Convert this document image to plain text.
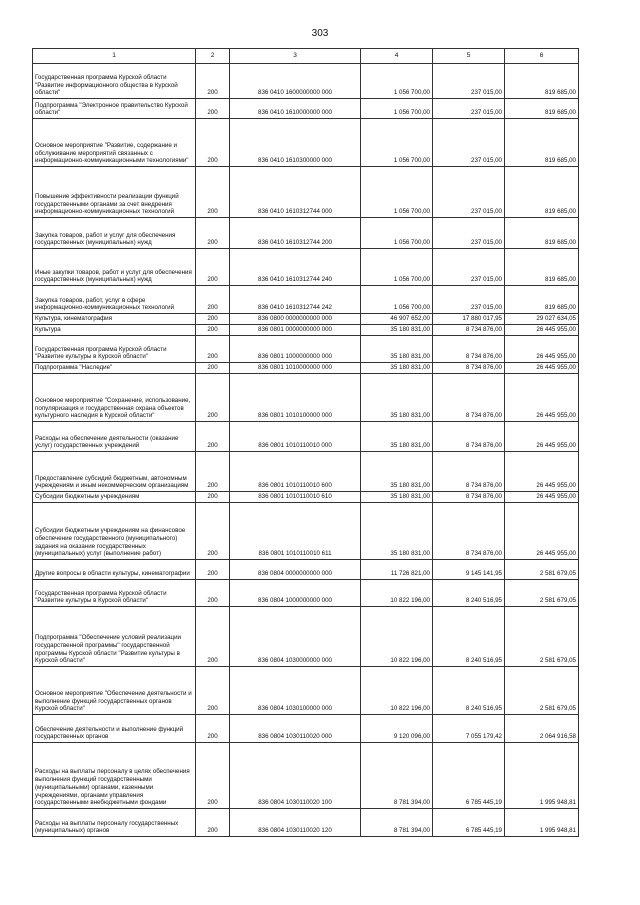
303
1	2	3	4	5	6
Государственная программа Курской области "Развитие информационного общества в Курской области"	200	836 0410 1600000000 000	1 056 700,00	237 015,00	819 685,00
Подпрограмма "Электронное правительство Курской области"	200	836 0410 1610000000 000	1 056 700,00	237 015,00	819 685,00
Основное мероприятие "Развитие, содержание и обслуживание мероприятий связанных с информационно-коммуникационными технологиями"	200	836 0410 1610300000 000	1 056 700,00	237 015,00	819 685,00
Повышение эффективности реализации функций государственными органами за счет внедрения информационно-коммуникационных технологий	200	836 0410 1610312744 000	1 056 700,00	237 015,00	819 685,00
Закупка товаров, работ и услуг для обеспечения государственных (муниципальных) нужд	200	836 0410 1610312744 200	1 056 700,00	237 015,00	819 685,00
Иные закупки товаров, работ и услуг для обеспечения государственных (муниципальных) нужд	200	836 0410 1610312744 240	1 056 700,00	237 015,00	819 685,00
Закупка товаров, работ, услуг в сфере информационно-коммуникационных технологий	200	836 0410 1610312744 242	1 056 700,00	237 015,00	819 685,00
Культура, кинематография	200	836 0800 0000000000 000	46 907 652,00	17 880 017,95	29 027 634,05
Культура	200	836 0801 0000000000 000	35 180 831,00	8 734 876,00	26 445 955,00
Государственная программа Курской области "Развитие культуры в Курской области"	200	836 0801 1000000000 000	35 180 831,00	8 734 876,00	26 445 955,00
Подпрограмма "Наследие"	200	836 0801 1010000000 000	35 180 831,00	8 734 876,00	26 445 955,00
Основное мероприятие "Сохранение, использование, популяризация и государственная охрана объектов культурного наследия в Курской области"	200	836 0801 1010100000 000	35 180 831,00	8 734 876,00	26 445 955,00
Расходы на обеспечение деятельности (оказание услуг) государственных учреждений	200	836 0801 1010110010 000	35 180 831,00	8 734 876,00	26 445 955,00
Предоставление субсидий бюджетным, автономным учреждениям и иным некоммерческим организациям	200	836 0801 1010110010 600	35 180 831,00	8 734 876,00	26 445 955,00
Субсидии бюджетным учреждениям	200	836 0801 1010110010 610	35 180 831,00	8 734 876,00	26 445 955,00
Субсидии бюджетным учреждениям на финансовое обеспечение государственного (муниципального) задания на оказание государственных (муниципальных) услуг (выполнение работ)	200	836 0801 1010110010 611	35 180 831,00	8 734 876,00	26 445 955,00
Другие вопросы в области культуры, кинематографии	200	836 0804 0000000000 000	11 726 821,00	9 145 141,95	2 581 679,05
Государственная программа Курской области "Развитие культуры в Курской области"	200	836 0804 1000000000 000	10 822 196,00	8 240 516,95	2 581 679,05
Подпрограмма "Обеспечение условий реализации государственной программы" государственной программы Курской области "Развитие культуры в Курской области"	200	836 0804 1030000000 000	10 822 196,00	8 240 516,95	2 581 679,05
Основное мероприятие "Обеспечение деятельности и выполнение функций государственных органов Курской области"	200	836 0804 1030100000 000	10 822 196,00	8 240 516,95	2 581 679,05
Обеспечение деятельности и выполнение функций государственных органов	200	836 0804 1030110020 000	9 120 096,00	7 055 179,42	2 064 916,58
Расходы на выплаты персоналу в целях обеспечения выполнения функций государственными (муниципальными) органами, казенными учреждениями, органами управления государственными внебюджетными фондами	200	836 0804 1030110020 100	8 781 394,00	6 785 445,19	1 995 948,81
Расходы на выплаты персоналу государственных (муниципальных) органов	200	836 0804 1030110020 120	8 781 394,00	6 785 445,19	1 995 948,81
